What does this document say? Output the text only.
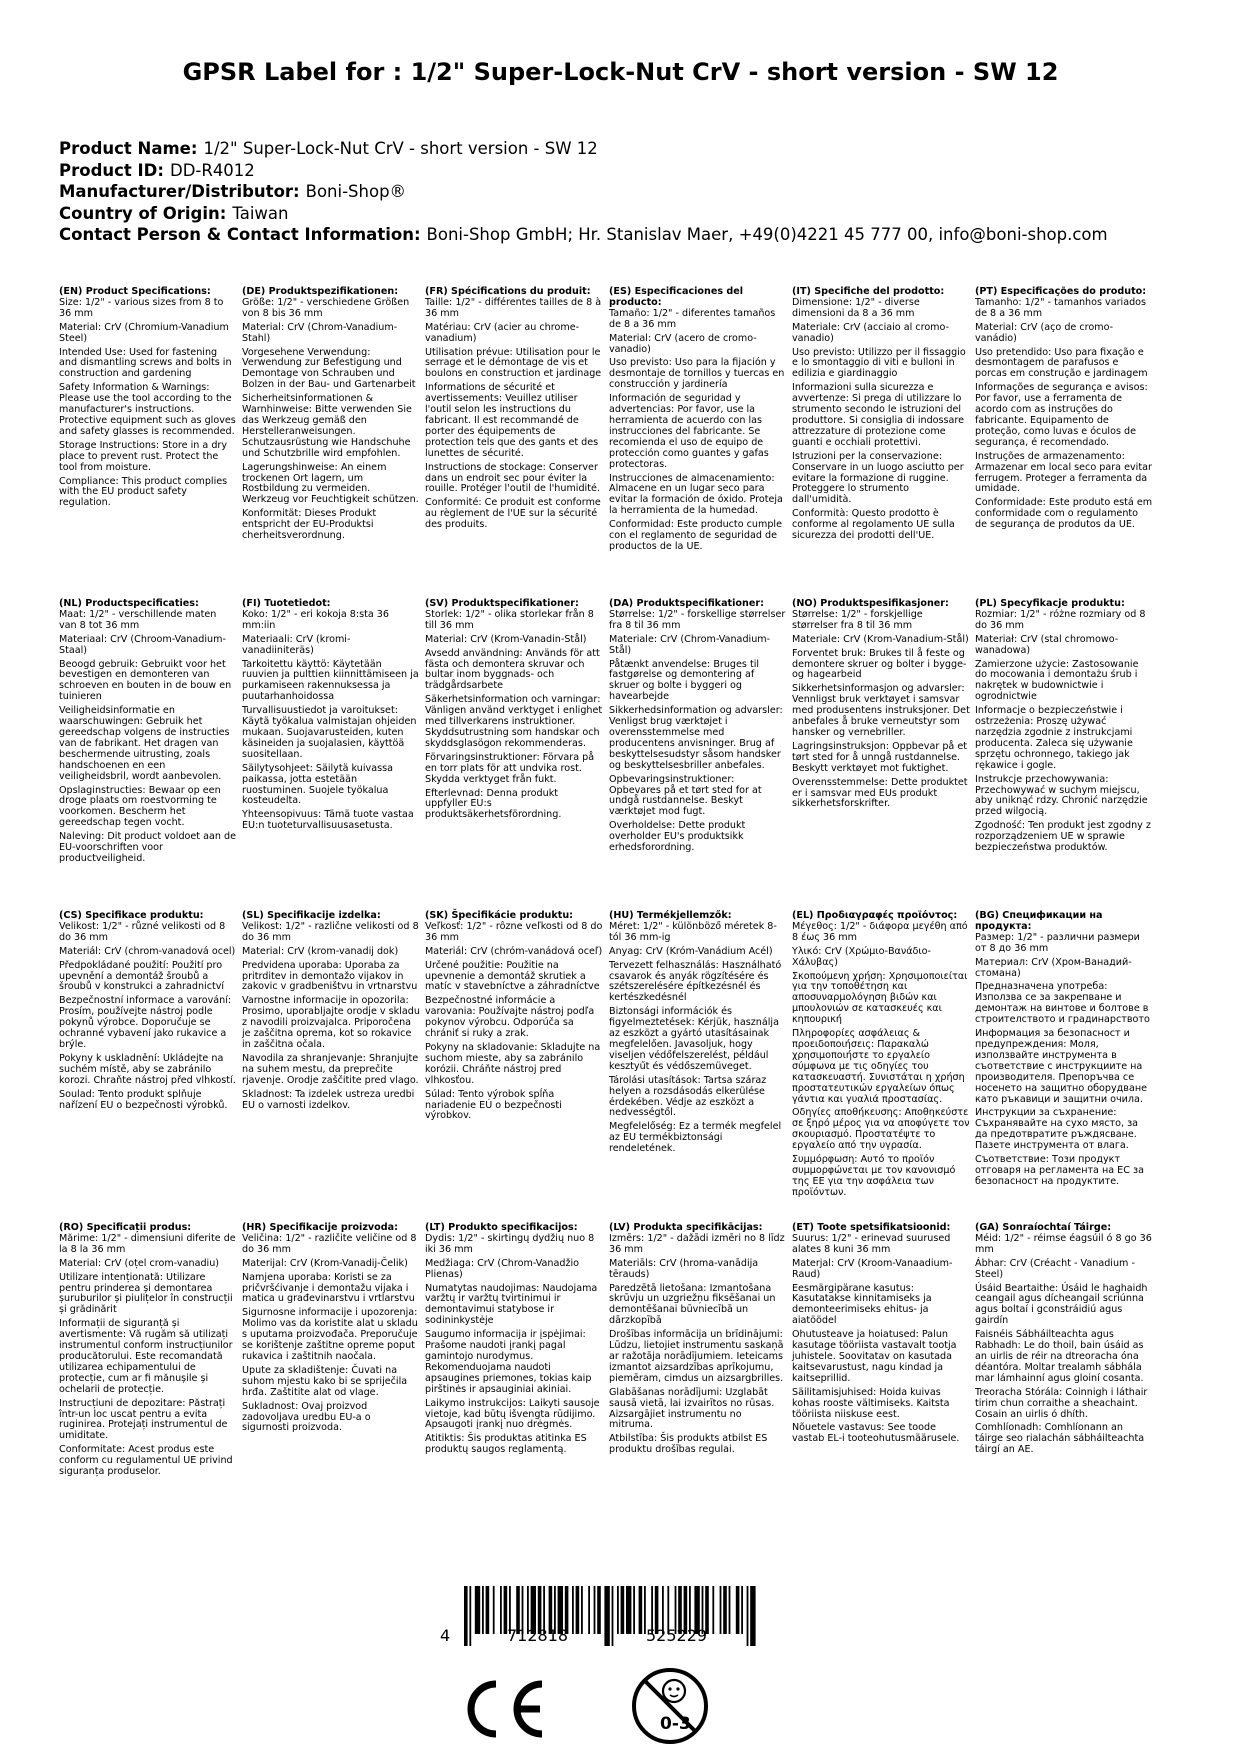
GPSR Label for : 1/2" Super-Lock-Nut CrV - short version - SW 12
Product Name: 1/2" Super-Lock-Nut CrV - short version - SW 12
Product ID: DD-R4012
Manufacturer/Distributor: Boni-Shop®
Country of Origin: Taiwan
Contact Person & Contact Information: Boni-Shop GmbH; Hr. Stanislav Maer, +49(0)4221 45 777 00, info@boni-shop.com
(EN) Product Specifications:

Size: 1/2" - various sizes from 8 to 36 mm

Material: CrV (Chromium-Vanadium Steel)

Intended Use: Used for fastening and dismantling screws and bolts in construction and gardening

Safety Information & Warnings: Please use the tool according to the manufacturer's instructions. Protective equipment such as gloves and safety glasses is recommended.

Storage Instructions: Store in a dry place to prevent rust. Protect the tool from moisture.

Compliance: This product complies with the EU product safety regulation.

(DE) Produktspezifikationen:

Größe: 1/2" - verschiedene Größen von 8 bis 36 mm

Material: CrV (Chrom-Vanadium-Stahl)

Vorgesehene Verwendung: Verwendung zur Befestigung und Demontage von Schrauben und Bolzen in der Bau- und Gartenarbeit

Sicherheitsinformationen & Warnhinweise: Bitte verwenden Sie das Werkzeug gemäß den Herstelleranweisungen. Schutzausrüstung wie Handschuhe und Schutzbrille wird empfohlen.

Lagerungshinweise: An einem trockenen Ort lagern, um Rostbildung zu vermeiden. Werkzeug vor Feuchtigkeit schützen.

Konformität: Dieses Produkt entspricht der EU-Produktsi cherheitsverordnung.

(FR) Spécifications du produit:

Taille: 1/2" - différentes tailles de 8 à 36 mm

Matériau: CrV (acier au chrome-vanadium)

Utilisation prévue: Utilisation pour le serrage et le démontage de vis et boulons en construction et jardinage

Informations de sécurité et avertissements: Veuillez utiliser l'outil selon les instructions du fabricant. Il est recommandé de porter des équipements de protection tels que des gants et des lunettes de sécurité.

Instructions de stockage: Conserver dans un endroit sec pour éviter la rouille. Protéger l'outil de l'humidité.

Conformité: Ce produit est conforme au règlement de l'UE sur la sécurité des produits.

(ES) Especificaciones del producto:

Tamaño: 1/2" - diferentes tamaños de 8 a 36 mm

Material: CrV (acero de cromo-vanadio)

Uso previsto: Uso para la fijación y desmontaje de tornillos y tuercas en construcción y jardinería

Información de seguridad y advertencias: Por favor, use la herramienta de acuerdo con las instrucciones del fabricante. Se recomienda el uso de equipo de protección como guantes y gafas protectoras.

Instrucciones de almacenamiento: Almacene en un lugar seco para evitar la formación de óxido. Proteja la herramienta de la humedad.

Conformidad: Este producto cumple con el reglamento de seguridad de productos de la UE.

(IT) Specifiche del prodotto:

Dimensione: 1/2" - diverse dimensioni da 8 a 36 mm

Materiale: CrV (acciaio al cromo-vanadio)

Uso previsto: Utilizzo per il fissaggio e lo smontaggio di viti e bulloni in edilizia e giardinaggio

Informazioni sulla sicurezza e avvertenze: Si prega di utilizzare lo strumento secondo le istruzioni del produttore. Si consiglia di indossare attrezzature di protezione come guanti e occhiali protettivi.

Istruzioni per la conservazione: Conservare in un luogo asciutto per evitare la formazione di ruggine. Proteggere lo strumento dall'umidità.

Conformità: Questo prodotto è conforme al regolamento UE sulla sicurezza dei prodotti dell'UE.

(PT) Especificações do produto:

Tamanho: 1/2" - tamanhos variados de 8 a 36 mm

Material: CrV (aço de cromo-vanádio)

Uso pretendido: Uso para fixação e desmontagem de parafusos e porcas em construção e jardinagem

Informações de segurança e avisos: Por favor, use a ferramenta de acordo com as instruções do fabricante. Equipamento de proteção, como luvas e óculos de segurança, é recomendado.

Instruções de armazenamento: Armazenar em local seco para evitar ferrugem. Proteger a ferramenta da umidade.

Conformidade: Este produto está em conformidade com o regulamento de segurança de produtos da UE.

(NL) Productspecificaties:

Maat: 1/2" - verschillende maten van 8 tot 36 mm

Materiaal: CrV (Chroom-Vanadium-Staal)

Beoogd gebruik: Gebruikt voor het bevestigen en demonteren van schroeven en bouten in de bouw en tuinieren

Veiligheidsinformatie en waarschuwingen: Gebruik het gereedschap volgens de instructies van de fabrikant. Het dragen van beschermende uitrusting, zoals handschoenen en een veiligheidsbril, wordt aanbevolen.

Opslaginstructies: Bewaar op een droge plaats om roestvorming te voorkomen. Bescherm het gereedschap tegen vocht.

Naleving: Dit product voldoet aan de EU-voorschriften voor productveiligheid.

(FI) Tuotetiedot:

Koko: 1/2" - eri kokoja 8:sta 36 mm:iin

Materiaali: CrV (kromi-vanadiiniteräs)

Tarkoitettu käyttö: Käytetään ruuvien ja pulttien kiinnittämiseen ja purkamiseen rakennuksessa ja puutarhanhoidossa

Turvallisuustiedot ja varoitukset: Käytä työkalua valmistajan ohjeiden mukaan. Suojavarusteiden, kuten käsineiden ja suojalasien, käyttöä suositellaan.

Säilytysohjeet: Säilytä kuivassa paikassa, jotta estetään ruostuminen. Suojele työkalua kosteudelta.

Yhteensopivuus: Tämä tuote vastaa EU:n tuoteturvallisuusasetusta.

(SV) Produktspecifikationer:

Storlek: 1/2" - olika storlekar från 8 till 36 mm

Material: CrV (Krom-Vanadin-Stål)

Avsedd användning: Används för att fästa och demontera skruvar och bultar inom byggnads- och trädgårdsarbete

Säkerhetsinformation och varningar: Vänligen använd verktyget i enlighet med tillverkarens instruktioner. Skyddsutrustning som handskar och skyddsglasögon rekommenderas.

Förvaringsinstruktioner: Förvara på en torr plats för att undvika rost. Skydda verktyget från fukt.

Efterlevnad: Denna produkt uppfyller EU:s produktsäkerhetsförordning.

(DA) Produktspecifikationer:

Størrelse: 1/2" - forskellige størrelser fra 8 til 36 mm

Materiale: CrV (Chrom-Vanadium-Stål)

Påtænkt anvendelse: Bruges til fastgørelse og demontering af skruer og bolte i byggeri og havearbejde

Sikkerhedsinformation og advarsler: Venligst brug værktøjet i overensstemmelse med producentens anvisninger. Brug af beskyttelsesudstyr såsom handsker og beskyttelsesbriller anbefales.

Opbevaringsinstruktioner: Opbevares på et tørt sted for at undgå rustdannelse. Beskyt værktøjet mod fugt.

Overholdelse: Dette produkt overholder EU's produktsikk erhedsforordning.

(NO) Produktspesifikasjoner:

Størrelse: 1/2" - forskjellige størrelser fra 8 til 36 mm

Materiale: CrV (Krom-Vanadium-Stål)

Forventet bruk: Brukes til å feste og demontere skruer og bolter i bygge- og hagearbeid

Sikkerhetsinformasjon og advarsler: Vennligst bruk verktøyet i samsvar med produsentens instruksjoner. Det anbefales å bruke verneutstyr som hansker og vernebriller.

Lagringsinstruksjon: Oppbevar på et tørt sted for å unngå rustdannelse. Beskytt verktøyet mot fuktighet.

Overensstemmelse: Dette produktet er i samsvar med EUs produkt sikkerhetsforskrifter.

(PL) Specyfikacje produktu:

Rozmiar: 1/2" - różne rozmiary od 8 do 36 mm

Materiał: CrV (stal chromowo-wanadowa)

Zamierzone użycie: Zastosowanie do mocowania i demontażu śrub i nakrętek w budownictwie i ogrodnictwie

Informacje o bezpieczeństwie i ostrzeżenia: Proszę używać narzędzia zgodnie z instrukcjami producenta. Zaleca się używanie sprzętu ochronnego, takiego jak rękawice i gogle.

Instrukcje przechowywania: Przechowywać w suchym miejscu, aby uniknąć rdzy. Chronić narzędzie przed wilgocią.

Zgodność: Ten produkt jest zgodny z rozporządzeniem UE w sprawie bezpieczeństwa produktów.

(CS) Specifikace produktu:

Velikost: 1/2" - různé velikosti od 8 do 36 mm

Materiál: CrV (chrom-vanadová ocel)

Předpokládané použití: Použití pro upevnění a demontáž šroubů a šroubů v konstrukci a zahradnictví

Bezpečnostní informace a varování: Prosím, používejte nástroj podle pokynů výrobce. Doporučuje se ochranné vybavení jako rukavice a brýle.

Pokyny k uskladnění: Ukládejte na suchém místě, aby se zabránilo korozi. Chraňte nástroj před vlhkostí.

Soulad: Tento produkt splňuje nařízení EU o bezpečnosti výrobků.

(SL) Specifikacije izdelka:

Velikost: 1/2" - različne velikosti od 8 do 36 mm

Material: CrV (krom-vanadij dok)

Predvidena uporaba: Uporaba za pritrditev in demontažo vijakov in zakovic v gradbeništvu in vrtnarstvu

Varnostne informacije in opozorila: Prosimo, uporabljajte orodje v skladu z navodili proizvajalca. Priporočena je zaščitna oprema, kot so rokavice in zaščitna očala.

Navodila za shranjevanje: Shranjujte na suhem mestu, da preprečite rjavenje. Orodje zaščitite pred vlago.

Skladnost: Ta izdelek ustreza uredbi EU o varnosti izdelkov.

(SK) Špecifikácie produktu:

Veľkosť: 1/2" - rôzne veľkosti od 8 do 36 mm

Materiál: CrV (chróm-vanádová oceľ)

Určené použitie: Použitie na upevnenie a demontáž skrutiek a matíc v stavebníctve a záhradníctve

Bezpečnostné informácie a varovania: Používajte nástroj podľa pokynov výrobcu. Odporúča sa chrániť si ruky a zrak.

Pokyny na skladovanie: Skladujte na suchom mieste, aby sa zabránilo korózii. Chráňte nástroj pred vlhkosťou.

Súlad: Tento výrobok spĺňa nariadenie EÚ o bezpečnosti výrobkov.

(HU) Termékjellemzők:

Méret: 1/2" - különböző méretek 8-tól 36 mm-ig

Anyag: CrV (Króm-Vanádium Acél)

Tervezett felhasználás: Használható csavarok és anyák rögzítésére és szétszerelésére építkezésnél és kertészkedésnél

Biztonsági információk és figyelmeztetések: Kérjük, használja az eszközt a gyártó utasításainak megfelelően. Javasoljuk, hogy viseljen védőfelszerelést, például kesztyűt és védőszemüveget.

Tárolási utasítások: Tartsa száraz helyen a rozsdásodás elkerülése érdekében. Védje az eszközt a nedvességtől.

Megfelelőség: Ez a termék megfelel az EU termékbiztonsági rendeletének.

(EL) Προδιαγραφές προϊόντος:

Μέγεθος: 1/2" - διάφορα μεγέθη από 8 έως 36 mm

Υλικό: CrV (Χρώμιο-Βανάδιο-Χάλυβας)

Σκοπούμενη χρήση: Χρησιμοποιείται για την τοποθέτηση και αποσυναρμολόγηση βιδών και μπουλονιών σε κατασκευές και κηπουρική

Πληροφορίες ασφάλειας & προειδοποιήσεις: Παρακαλώ χρησιμοποιήστε το εργαλείο σύμφωνα με τις οδηγίες του κατασκευαστή. Συνιστάται η χρήση προστατευτικών εργαλείων όπως γάντια και γυαλιά προστασίας.

Οδηγίες αποθήκευσης: Αποθηκεύστε σε ξηρό μέρος για να αποφύγετε τον σκουριασμό. Προστατέψτε το εργαλείο από την υγρασία.

Συμμόρφωση: Αυτό το προϊόν συμμορφώνεται με τον κανονισμό της ΕΕ για την ασφάλεια των προϊόντων.

(BG) Спецификации на продукта:

Размер: 1/2" - различни размери от 8 до 36 mm

Материал: CrV (Хром-Ванадий-стомана)

Предназначена употреба: Използва се за закрепване и демонтаж на винтове и болтове в строителството и градинарството

Информация за безопасност и предупреждения: Моля, използвайте инструмента в съответствие с инструкциите на производителя. Препоръчва се носенето на защитно оборудване като ръкавици и защитни очила.

Инструкции за съхранение: Съхранявайте на сухо място, за да предотвратите ръждясване. Пазете инструмента от влага.

Съответствие: Този продукт отговаря на регламента на ЕС за безопасност на продуктите.

(RO) Specificații produs:

Mărime: 1/2" - dimensiuni diferite de la 8 la 36 mm

Material: CrV (oțel crom-vanadiu)

Utilizare intenționată: Utilizare pentru prinderea și demontarea șuruburilor și piulițelor în construcții și grădinărit

Informații de siguranță și avertismente: Vă rugăm să utilizați instrumentul conform instrucțiunilor producătorului. Este recomandată utilizarea echipamentului de protecție, cum ar fi mănușile și ochelarii de protecție.

Instrucțiuni de depozitare: Păstrați într-un loc uscat pentru a evita ruginirea. Protejați instrumentul de umiditate.

Conformitate: Acest produs este conform cu regulamentul UE privind siguranța produselor.

(HR) Specifikacije proizvoda:

Veličina: 1/2" - različite veličine od 8 do 36 mm

Materijal: CrV (Krom-Vanadij-Čelik)

Namjena uporaba: Koristi se za pričvršćivanje i demontažu vijaka i matica u građevinarstvu i vrtlarstvu

Sigurnosne informacije i upozorenja: Molimo vas da koristite alat u skladu s uputama proizvođača. Preporučuje se korištenje zaštitne opreme poput rukavica i zaštitnih naočala.

Upute za skladištenje: Čuvati na suhom mjestu kako bi se spriječila hrđa. Zaštitite alat od vlage.

Sukladnost: Ovaj proizvod zadovoljava uredbu EU-a o sigurnosti proizvoda.

(LT) Produkto specifikacijos:

Dydis: 1/2" - skirtingų dydžių nuo 8 iki 36 mm

Medžiaga: CrV (Chrom-Vanadžio Plienas)

Numatytas naudojimas: Naudojama varžtų ir varžtų tvirtinimui ir demontavimui statybose ir sodininkystėje

Saugumo informacija ir įspėjimai: Prašome naudoti įrankį pagal gamintojo nurodymus. Rekomenduojama naudoti apsaugines priemones, tokias kaip pirštinės ir apsauginiai akiniai.

Laikymo instrukcijos: Laikyti sausoje vietoje, kad būtų išvengta rūdijimo. Apsaugoti įrankį nuo drėgmės.

Atitiktis: Šis produktas atitinka ES produktų saugos reglamentą.

(LV) Produkta specifikācijas:

Izmērs: 1/2" - dažādi izmēri no 8 līdz 36 mm

Materiāls: CrV (hroma-vanādija tērauds)

Paredzētā lietošana: Izmantošana skrūvju un uzgriežņu fiksēšanai un demontēšanai būvniecībā un dārzkopībā

Drošības informācija un brīdinājumi: Lūdzu, lietojiet instrumentu saskaņā ar ražotāja norādījumiem. Ieteicams izmantot aizsardzības aprīkojumu, piemēram, cimdus un aizsargbrilles.

Glabāšanas norādījumi: Uzglabāt sausā vietā, lai izvairītos no rūsas. Aizsargājiet instrumentu no mitruma.

Atbilstība: Šis produkts atbilst ES produktu drošības regulai.

(ET) Toote spetsifikatsioonid:

Suurus: 1/2" - erinevad suurused alates 8 kuni 36 mm

Materjal: CrV (Kroom-Vanaadium-Raud)

Eesmärgipärane kasutus: Kasutatakse kinnitamiseks ja demonteerimiseks ehitus- ja aiatöödel

Ohutusteave ja hoiatused: Palun kasutage tööriista vastavalt tootja juhistele. Soovitatav on kasutada kaitsevarustust, nagu kindad ja kaitseprillid.

Säilitamisjuhised: Hoida kuivas kohas rooste vältimiseks. Kaitsta tööriista niiskuse eest.

Nõuetele vastavus: See toode vastab EL-i tooteohutusmäärusele.

(GA) Sonraíochtaí Táirge:

Méid: 1/2" - réimse éagsúil ó 8 go 36 mm

Ábhar: CrV (Créacht - Vanadium - Steel)

Úsáid Beartaithe: Úsáid le haghaidh ceangail agus dícheangail scriúnna agus boltaí i gconstráidiú agus gairdín

Faisnéis Sábháilteachta agus Rabhadh: Le do thoil, bain úsáid as an uirlis de réir na dtreoracha óna déantóra. Moltar trealamh sábhála mar lámhainní agus gloiní cosanta.

Treoracha Stórála: Coinnigh i láthair tirim chun corraithe a sheachaint. Cosain an uirlis ó dhíth.

Comhlíonadh: Comhlíonann an táirge seo rialachán sábháilteachta táirgí an AE.

4	712818	525229
0-3
